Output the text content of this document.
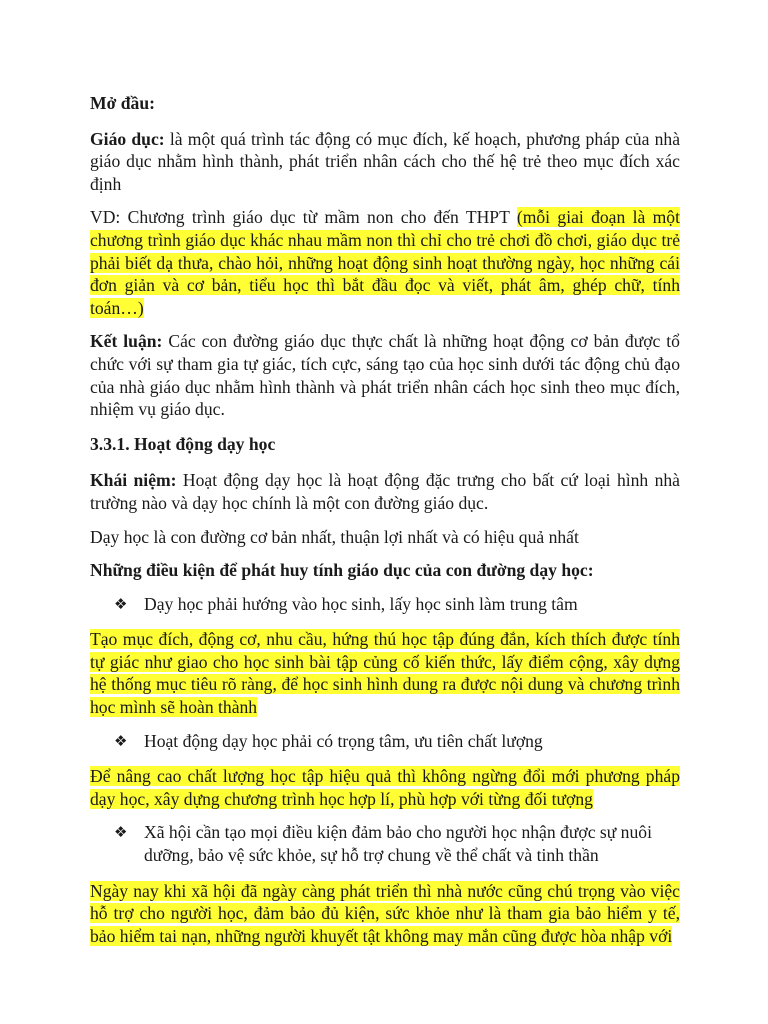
Mở đầu:

Giáo dục: là một quá trình tác động có mục đích, kế hoạch, phương pháp của nhà giáo dục nhằm hình thành, phát triển nhân cách cho thế hệ trẻ theo mục đích xác định

VD: Chương trình giáo dục từ mầm non cho đến THPT (mỗi giai đoạn là một chương trình giáo dục khác nhau mầm non thì chỉ cho trẻ chơi đồ chơi, giáo dục trẻ phải biết dạ thưa, chào hỏi, những hoạt động sinh hoạt thường ngày, học những cái đơn giản và cơ bản, tiểu học thì bắt đầu đọc và viết, phát âm, ghép chữ, tính toán…)

Kết luận: Các con đường giáo dục thực chất là những hoạt động cơ bản được tổ chức với sự tham gia tự giác, tích cực, sáng tạo của học sinh dưới tác động chủ đạo của nhà giáo dục nhằm hình thành và phát triển nhân cách học sinh theo mục đích, nhiệm vụ giáo dục.

3.3.1. Hoạt động dạy học

Khái niệm: Hoạt động dạy học là hoạt động đặc trưng cho bất cứ loại hình nhà trường nào và dạy học chính là một con đường giáo dục.

Dạy học là con đường cơ bản nhất, thuận lợi nhất và có hiệu quả nhất

Những điều kiện để phát huy tính giáo dục của con đường dạy học:

❖ Dạy học phải hướng vào học sinh, lấy học sinh làm trung tâm

Tạo mục đích, động cơ, nhu cầu, hứng thú học tập đúng đắn, kích thích được tính tự giác như giao cho học sinh bài tập củng cố kiến thức, lấy điểm cộng, xây dựng hệ thống mục tiêu rõ ràng, để học sinh hình dung ra được nội dung và chương trình học mình sẽ hoàn thành

❖ Hoạt động dạy học phải có trọng tâm, ưu tiên chất lượng

Để nâng cao chất lượng học tập hiệu quả thì không ngừng đổi mới phương pháp dạy học, xây dựng chương trình học hợp lí, phù hợp với từng đối tượng

❖ Xã hội cần tạo mọi điều kiện đảm bảo cho người học nhận được sự nuôi dưỡng, bảo vệ sức khỏe, sự hỗ trợ chung về thể chất và tinh thần

Ngày nay khi xã hội đã ngày càng phát triển thì nhà nước cũng chú trọng vào việc hỗ trợ cho người học, đảm bảo đủ kiện, sức khỏe như là tham gia bảo hiểm y tế, bảo hiểm tai nạn, những người khuyết tật không may mắn cũng được hòa nhập với
